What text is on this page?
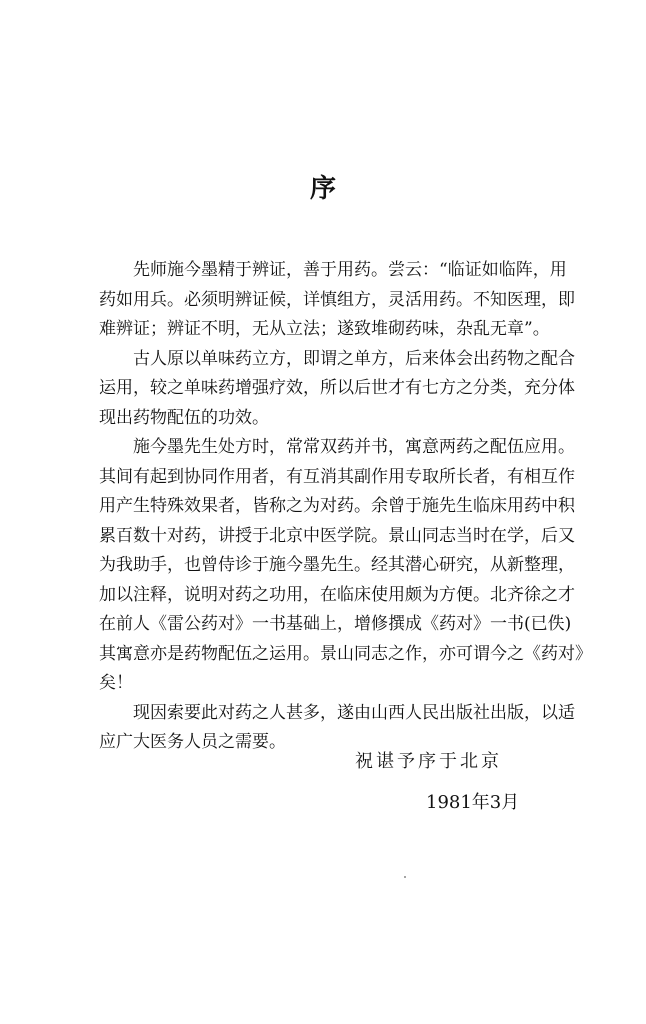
序

先师施今墨精于辨证，善于用药。尝云：“临证如临阵，用
药如用兵。必须明辨证候，详慎组方，灵活用药。不知医理，即
难辨证；辨证不明，无从立法；遂致堆砌药味，杂乱无章”。

古人原以单味药立方，即谓之单方，后来体会出药物之配合
运用，较之单味药增强疗效，所以后世才有七方之分类，充分体
现出药物配伍的功效。

施今墨先生处方时，常常双药并书，寓意两药之配伍应用。
其间有起到协同作用者，有互消其副作用专取所长者，有相互作
用产生特殊效果者，皆称之为对药。余曾于施先生临床用药中积
累百数十对药，讲授于北京中医学院。景山同志当时在学，后又
为我助手，也曾侍诊于施今墨先生。经其潜心研究，从新整理，
加以注释，说明对药之功用，在临床使用颇为方便。北齐徐之才
在前人《雷公药对》一书基础上，增修撰成《药对》一书(已佚)
其寓意亦是药物配伍之运用。景山同志之作，亦可谓今之《药对》
矣！

现因索要此对药之人甚多，遂由山西人民出版社出版，以适
应广大医务人员之需要。

祝谌予序于北京
1981年3月
